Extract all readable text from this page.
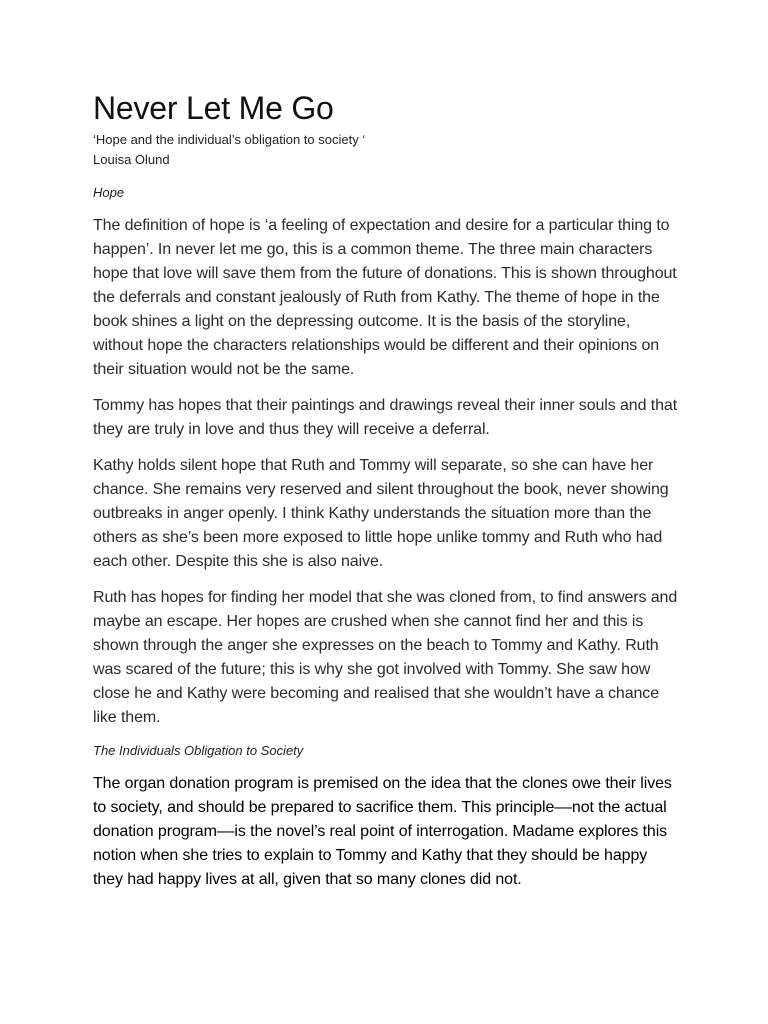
Never Let Me Go

‘Hope and the individual’s obligation to society ‘

Louisa Olund

Hope

The definition of hope is ‘a feeling of expectation and desire for a particular thing to happen’. In never let me go, this is a common theme. The three main characters hope that love will save them from the future of donations. This is shown throughout the deferrals and constant jealously of Ruth from Kathy. The theme of hope in the book shines a light on the depressing outcome. It is the basis of the storyline, without hope the characters relationships would be different and their opinions on their situation would not be the same.

Tommy has hopes that their paintings and drawings reveal their inner souls and that they are truly in love and thus they will receive a deferral.

Kathy holds silent hope that Ruth and Tommy will separate, so she can have her chance. She remains very reserved and silent throughout the book, never showing outbreaks in anger openly. I think Kathy understands the situation more than the others as she’s been more exposed to little hope unlike tommy and Ruth who had each other. Despite this she is also naive.

Ruth has hopes for finding her model that she was cloned from, to find answers and maybe an escape. Her hopes are crushed when she cannot find her and this is shown through the anger she expresses on the beach to Tommy and Kathy. Ruth was scared of the future; this is why she got involved with Tommy. She saw how close he and Kathy were becoming and realised that she wouldn’t have a chance like them.

The Individuals Obligation to Society

The organ donation program is premised on the idea that the clones owe their lives to society, and should be prepared to sacrifice them. This principle––not the actual donation program––is the novel’s real point of interrogation. Madame explores this notion when she tries to explain to Tommy and Kathy that they should be happy they had happy lives at all, given that so many clones did not.
